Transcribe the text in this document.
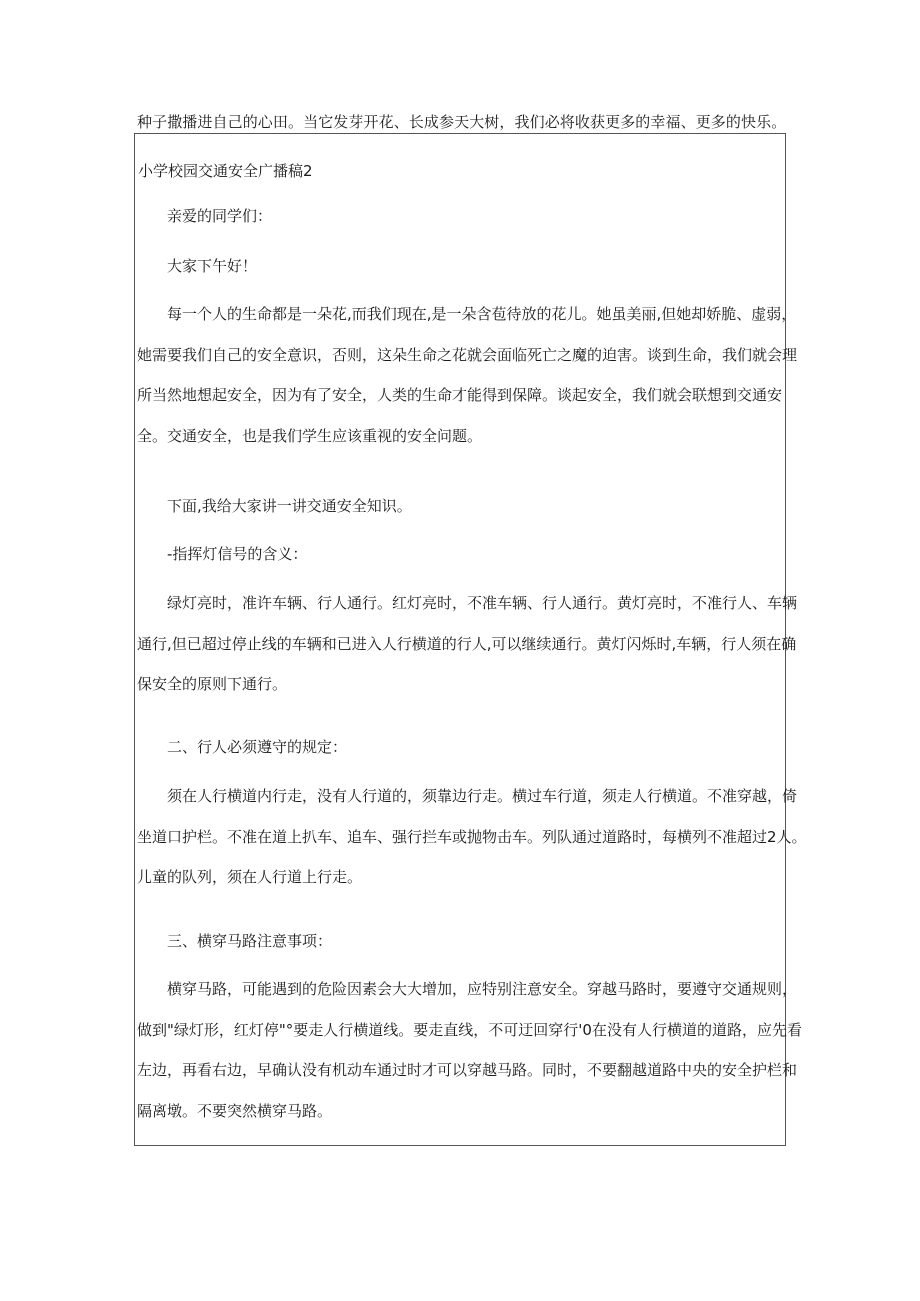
种子撒播进自己的心田。当它发芽开花、长成参天大树，我们必将收获更多的幸福、更多的快乐。
小学校园交通安全广播稿2
亲爱的同学们：
大家下午好！
每一个人的生命都是一朵花,而我们现在,是一朵含苞待放的花儿。她虽美丽,但她却娇脆、虚弱，
她需要我们自己的安全意识，否则，这朵生命之花就会面临死亡之魔的迫害。谈到生命，我们就会理
所当然地想起安全，因为有了安全，人类的生命才能得到保障。谈起安全，我们就会联想到交通安
全。交通安全，也是我们学生应该重视的安全问题。
下面,我给大家讲一讲交通安全知识。
-指挥灯信号的含义：
绿灯亮时，准许车辆、行人通行。红灯亮时，不准车辆、行人通行。黄灯亮时，不准行人、车辆
通行,但已超过停止线的车辆和已进入人行横道的行人,可以继续通行。黄灯闪烁时,车辆，行人须在确
保安全的原则下通行。
二、行人必须遵守的规定：
须在人行横道内行走，没有人行道的，须靠边行走。横过车行道，须走人行横道。不准穿越，倚
坐道口护栏。不准在道上扒车、追车、强行拦车或抛物击车。列队通过道路时，每横列不准超过2人。
儿童的队列，须在人行道上行走。
三、横穿马路注意事项：
横穿马路，可能遇到的危险因素会大大增加，应特别注意安全。穿越马路时，要遵守交通规则，
做到"绿灯形，红灯停"°要走人行横道线。要走直线，不可迂回穿行'0在没有人行横道的道路，应先看
左边，再看右边，早确认没有机动车通过时才可以穿越马路。同时，不要翻越道路中央的安全护栏和
隔离墩。不要突然横穿马路。
